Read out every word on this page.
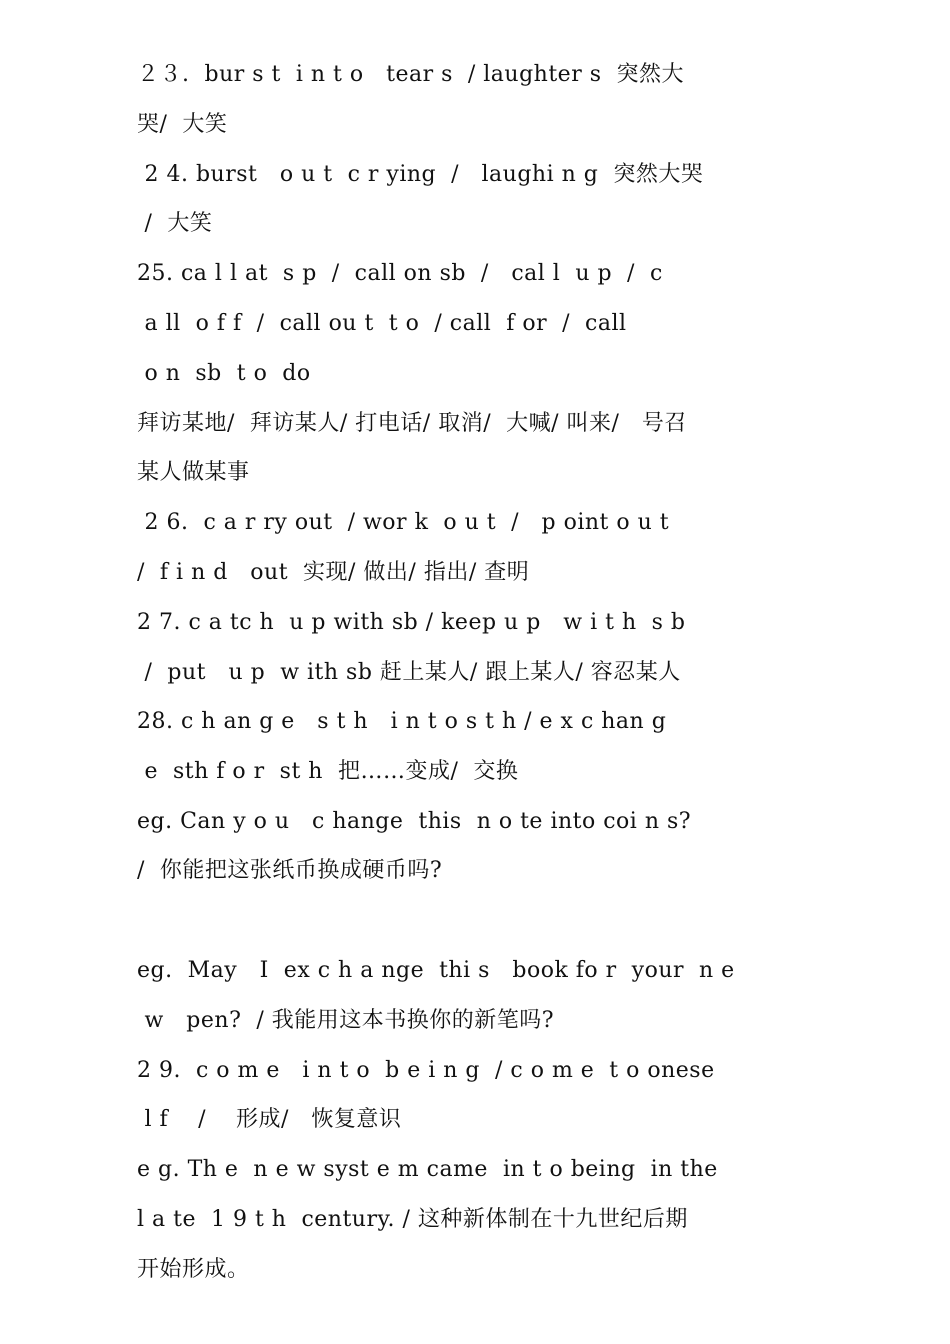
２３.  bur s t  i n t o   tear s  / laughter s  突然大
哭/  大笑
2 4. burst   o u t  c r ying  /   laughi n g  突然大哭
/  大笑
25. ca l l at  s p  /  call on sb  /   cal l  u p  /  c
a ll  o f f  /  call ou t  t o  / call  f or  /  call
o n  sb  t o  do
拜访某地/  拜访某人/ 打电话/ 取消/  大喊/ 叫来/   号召
某人做某事
2 6.  c a r ry out  / wor k  o u t  /   p oint o u t
/  f i n d   out  实现/ 做出/ 指出/ 查明
2 7. c a tc h  u p with sb / keep u p   w i t h  s b
/  put   u p  w ith sb 赶上某人/ 跟上某人/ 容忍某人
28. c h an g e   s t h   i n t o s t h / e x c han g
e  sth f o r  st h  把……变成/  交换
eg. Can y o u   c hange  this  n o te into coi n s?
/  你能把这张纸币换成硬币吗?
eg.  May   I  ex c h a nge  thi s   book fo r  your  n e
w   pen?  / 我能用这本书换你的新笔吗?
2 9.  c o m e   i n t o  b e i n g  / c o m e  t o onese
l f    /    形成/   恢复意识
e g. Th e  n e w syst e m came  in t o being  in the
l a te  1 9 t h  century. / 这种新体制在十九世纪后期
开始形成。
